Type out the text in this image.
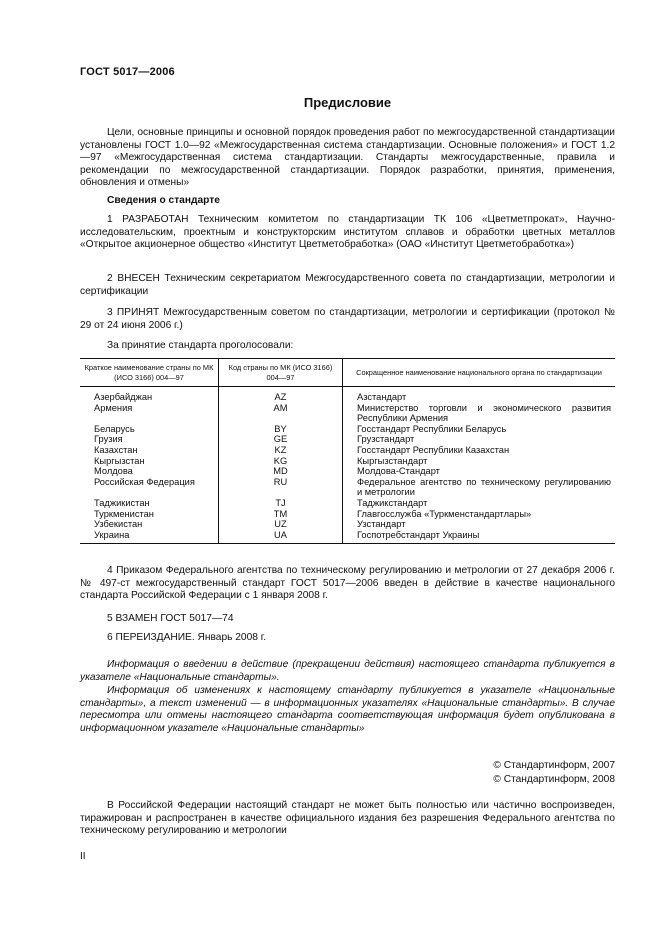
ГОСТ 5017—2006
Предисловие

Цели, основные принципы и основной порядок проведения работ по межгосударственной стандартизации установлены ГОСТ 1.0—92 «Межгосударственная система стандартизации. Основные положения» и ГОСТ 1.2—97 «Межгосударственная система стандартизации. Стандарты межгосударственные, правила и рекомендации по межгосударственной стандартизации. Порядок разработки, принятия, применения, обновления и отмены»

Сведения о стандарте

1 РАЗРАБОТАН Техническим комитетом по стандартизации ТК 106 «Цветметпрокат», Научно-исследовательским, проектным и конструкторским институтом сплавов и обработки цветных металлов «Открытое акционерное общество «Институт Цветметобработка» (ОАО «Институт Цветметобработка»)

2 ВНЕСЕН Техническим секретариатом Межгосударственного совета по стандартизации, метрологии и сертификации

3 ПРИНЯТ Межгосударственным советом по стандартизации, метрологии и сертификации (протокол № 29 от 24 июня 2006 г.)

За принятие стандарта проголосовали:

Краткое наименование страны по МК (ИСО 3166) 004—97	Код страны по МК (ИСО 3166) 004—97	Сокращенное наименование национального органа по стандартизации
Азербайджан	AZ	Азстандарт
Армения	AM	Министерство торговли и экономического развития Республики Армения
Беларусь	BY	Госстандарт Республики Беларусь
Грузия	GE	Грузстандарт
Казахстан	KZ	Госстандарт Республики Казахстан
Кыргызстан	KG	Кыргызстандарт
Молдова	MD	Молдова-Стандарт
Российская Федерация	RU	Федеральное агентство по техническому регулированию и метрологии
Таджикистан	TJ	Таджикстандарт
Туркменистан	TM	Главгосслужба «Туркменстандартлары»
Узбекистан	UZ	Узстандарт
Украина	UA	Госпотребстандарт Украины

4 Приказом Федерального агентства по техническому регулированию и метрологии от 27 декабря 2006 г. № 497-ст межгосударственный стандарт ГОСТ 5017—2006 введен в действие в качестве национального стандарта Российской Федерации с 1 января 2008 г.

5 ВЗАМЕН ГОСТ 5017—74

6 ПЕРЕИЗДАНИЕ. Январь 2008 г.

Информация о введении в действие (прекращении действия) настоящего стандарта публикуется в указателе «Национальные стандарты».

Информация об изменениях к настоящему стандарту публикуется в указателе «Национальные стандарты», а текст изменений — в информационных указателях «Национальные стандарты». В случае пересмотра или отмены настоящего стандарта соответствующая информация будет опубликована в информационном указателе «Национальные стандарты»

© Стандартинформ, 2007

© Стандартинформ, 2008

В Российской Федерации настоящий стандарт не может быть полностью или частично воспроизведен, тиражирован и распространен в качестве официального издания без разрешения Федерального агентства по техническому регулированию и метрологии

II
